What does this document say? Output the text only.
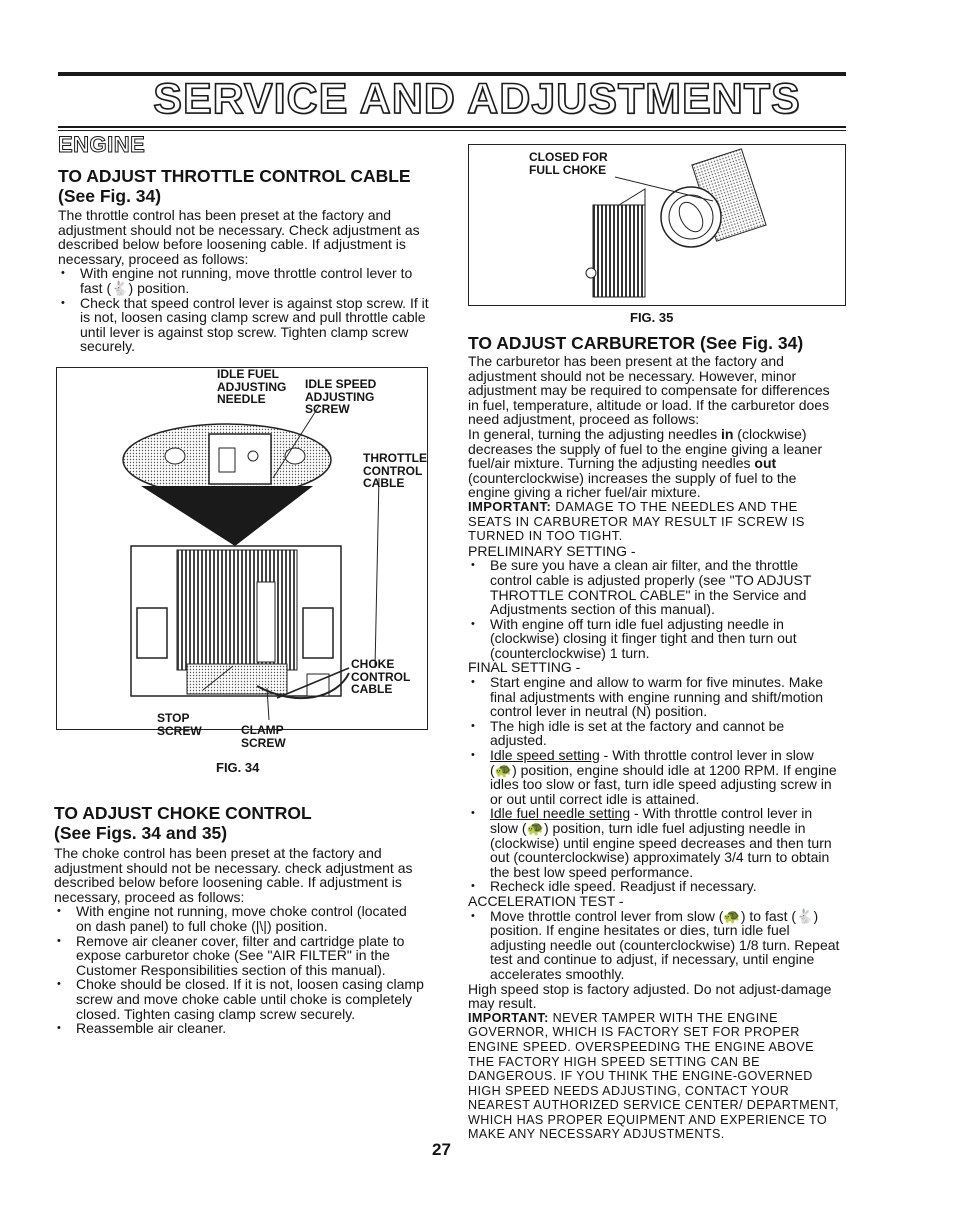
SERVICE AND ADJUSTMENTS
ENGINE
TO ADJUST THROTTLE CONTROL CABLE
(See Fig. 34)

The throttle control has been preset at the factory and adjustment should not be necessary. Check adjustment as described below before loosening cable. If adjustment is necessary, proceed as follows:

• With engine not running, move throttle control lever to fast (🐇) position.
• Check that speed control lever is against stop screw. If it is not, loosen casing clamp screw and pull throttle cable until lever is against stop screw. Tighten clamp screw securely.
IDLE FUEL
ADJUSTING
NEEDLE
IDLE SPEED
ADJUSTING
SCREW
THROTTLE
CONTROL
CABLE
CHOKE
CONTROL
CABLE
STOP
SCREW	CLAMP
SCREW
FIG. 34
TO ADJUST CHOKE CONTROL
(See Figs. 34 and 35)

The choke control has been preset at the factory and adjustment should not be necessary. check adjustment as described below before loosening cable. If adjustment is necessary, proceed as follows:

• With engine not running, move choke control (located on dash panel) to full choke (|\|) position.
• Remove air cleaner cover, filter and cartridge plate to expose carburetor choke (See "AIR FILTER" in the Customer Responsibilities section of this manual).
• Choke should be closed. If it is not, loosen casing clamp screw and move choke cable until choke is completely closed. Tighten casing clamp screw securely.
• Reassemble air cleaner.
CLOSED FOR
FULL CHOKE
FIG. 35
TO ADJUST CARBURETOR (See Fig. 34)

The carburetor has been present at the factory and adjustment should not be necessary. However, minor adjustment may be required to compensate for differences in fuel, temperature, altitude or load. If the carburetor does need adjustment, proceed as follows:

In general, turning the adjusting needles in (clockwise) decreases the supply of fuel to the engine giving a leaner fuel/air mixture. Turning the adjusting needles out (counterclockwise) increases the supply of fuel to the engine giving a richer fuel/air mixture.

IMPORTANT: DAMAGE TO THE NEEDLES AND THE SEATS IN CARBURETOR MAY RESULT IF SCREW IS TURNED IN TOO TIGHT.

PRELIMINARY SETTING -

• Be sure you have a clean air filter, and the throttle control cable is adjusted properly (see "TO ADJUST THROTTLE CONTROL CABLE" in the Service and Adjustments section of this manual).
• With engine off turn idle fuel adjusting needle in (clockwise) closing it finger tight and then turn out (counterclockwise) 1 turn.

FINAL SETTING -

• Start engine and allow to warm for five minutes. Make final adjustments with engine running and shift/motion control lever in neutral (N) position.
• The high idle is set at the factory and cannot be adjusted.
• Idle speed setting - With throttle control lever in slow (🐢) position, engine should idle at 1200 RPM. If engine idles too slow or fast, turn idle speed adjusting screw in or out until correct idle is attained.
• Idle fuel needle setting - With throttle control lever in slow (🐢) position, turn idle fuel adjusting needle in (clockwise) until engine speed decreases and then turn out (counterclockwise) approximately 3/4 turn to obtain the best low speed performance.
• Recheck idle speed. Readjust if necessary.

ACCELERATION TEST -

• Move throttle control lever from slow (🐢) to fast (🐇) position. If engine hesitates or dies, turn idle fuel adjusting needle out (counterclockwise) 1/8 turn. Repeat test and continue to adjust, if necessary, until engine accelerates smoothly.

High speed stop is factory adjusted. Do not adjust-damage may result.

IMPORTANT: NEVER TAMPER WITH THE ENGINE GOVERNOR, WHICH IS FACTORY SET FOR PROPER ENGINE SPEED. OVERSPEEDING THE ENGINE ABOVE THE FACTORY HIGH SPEED SETTING CAN BE DANGEROUS. IF YOU THINK THE ENGINE-GOVERNED HIGH SPEED NEEDS ADJUSTING, CONTACT YOUR NEAREST AUTHORIZED SERVICE CENTER/ DEPARTMENT, WHICH HAS PROPER EQUIPMENT AND EXPERIENCE TO MAKE ANY NECESSARY ADJUSTMENTS.

27
